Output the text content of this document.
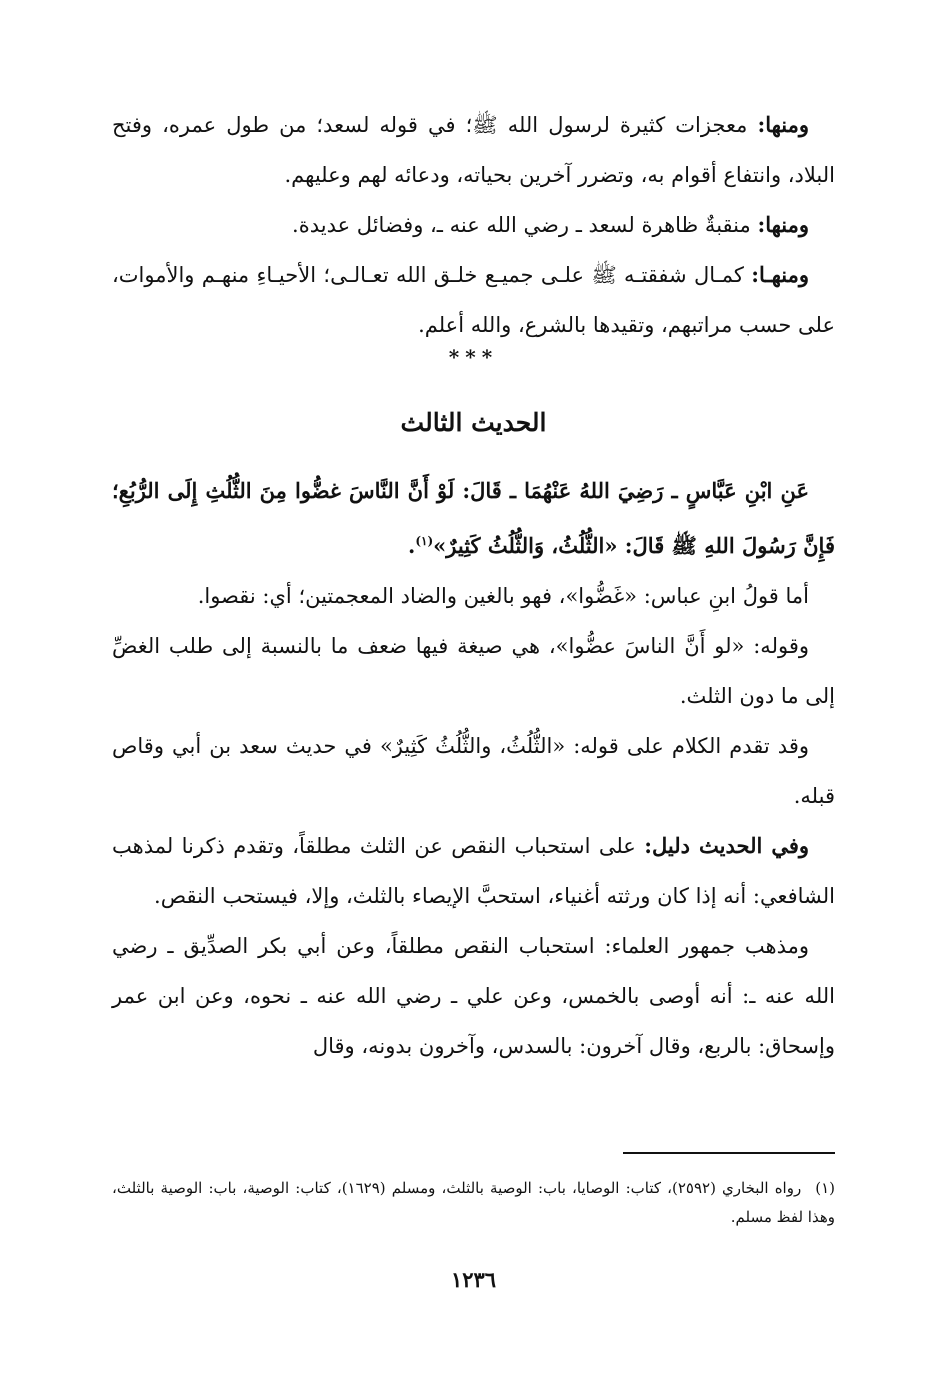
ومنها: معجزات كثيرة لرسول الله ﷺ؛ في قوله لسعد؛ من طول عمره، وفتح البلاد، وانتفاع أقوام به، وتضرر آخرين بحياته، ودعائه لهم وعليهم.

ومنها: منقبةٌ ظاهرة لسعد ـ رضي الله عنه ـ، وفضائل عديدة.

ومنهـا: كمـال شفقتـه ﷺ علـى جميـع خلـق الله تعـالـى؛ الأحيـاءِ منهـم والأموات، على حسب مراتبهم، وتقيدها بالشرع، والله أعلم.

***
الحديث الثالث

عَنِ ابْنِ عَبَّاسٍ ـ رَضِيَ اللهُ عَنْهُمَا ـ قَالَ: لَوْ أَنَّ النَّاسَ غضُّوا مِنَ الثُّلُثِ إِلَى الرُّبُعِ؛ فَإِنَّ رَسُولَ اللهِ ﷺ قَالَ: «الثُّلُثُ، وَالثُّلُثُ كَثِيرٌ»$^{(١)}$.

أما قولُ ابنِ عباس: «غَضُّوا»، فهو بالغين والضاد المعجمتين؛ أي: نقصوا.

وقوله: «لو أَنَّ الناسَ عضُّوا»، هي صيغة فيها ضعف ما بالنسبة إلى طلب الغضِّ إلى ما دون الثلث.

وقد تقدم الكلام على قوله: «الثُّلُثُ، والثُّلُثُ كَثِيرٌ» في حديث سعد بن أبي وقاص قبله.

وفي الحديث دليل: على استحباب النقص عن الثلث مطلقاً، وتقدم ذكرنا لمذهب الشافعي: أنه إذا كان ورثته أغنياء، استحبَّ الإيصاء بالثلث، وإلا، فيستحب النقص.

ومذهب جمهور العلماء: استحباب النقص مطلقاً، وعن أبي بكر الصدِّيق ـ رضي الله عنه ـ: أنه أوصى بالخمس، وعن علي ـ رضي الله عنه ـ نحوه، وعن ابن عمر وإسحاق: بالربع، وقال آخرون: بالسدس، وآخرون بدونه، وقال

(١)رواه البخاري (٢٥٩٢)، كتاب: الوصايا، باب: الوصية بالثلث، ومسلم (١٦٢٩)، كتاب: الوصية، باب: الوصية بالثلث، وهذا لفظ مسلم.
١٢٣٦
